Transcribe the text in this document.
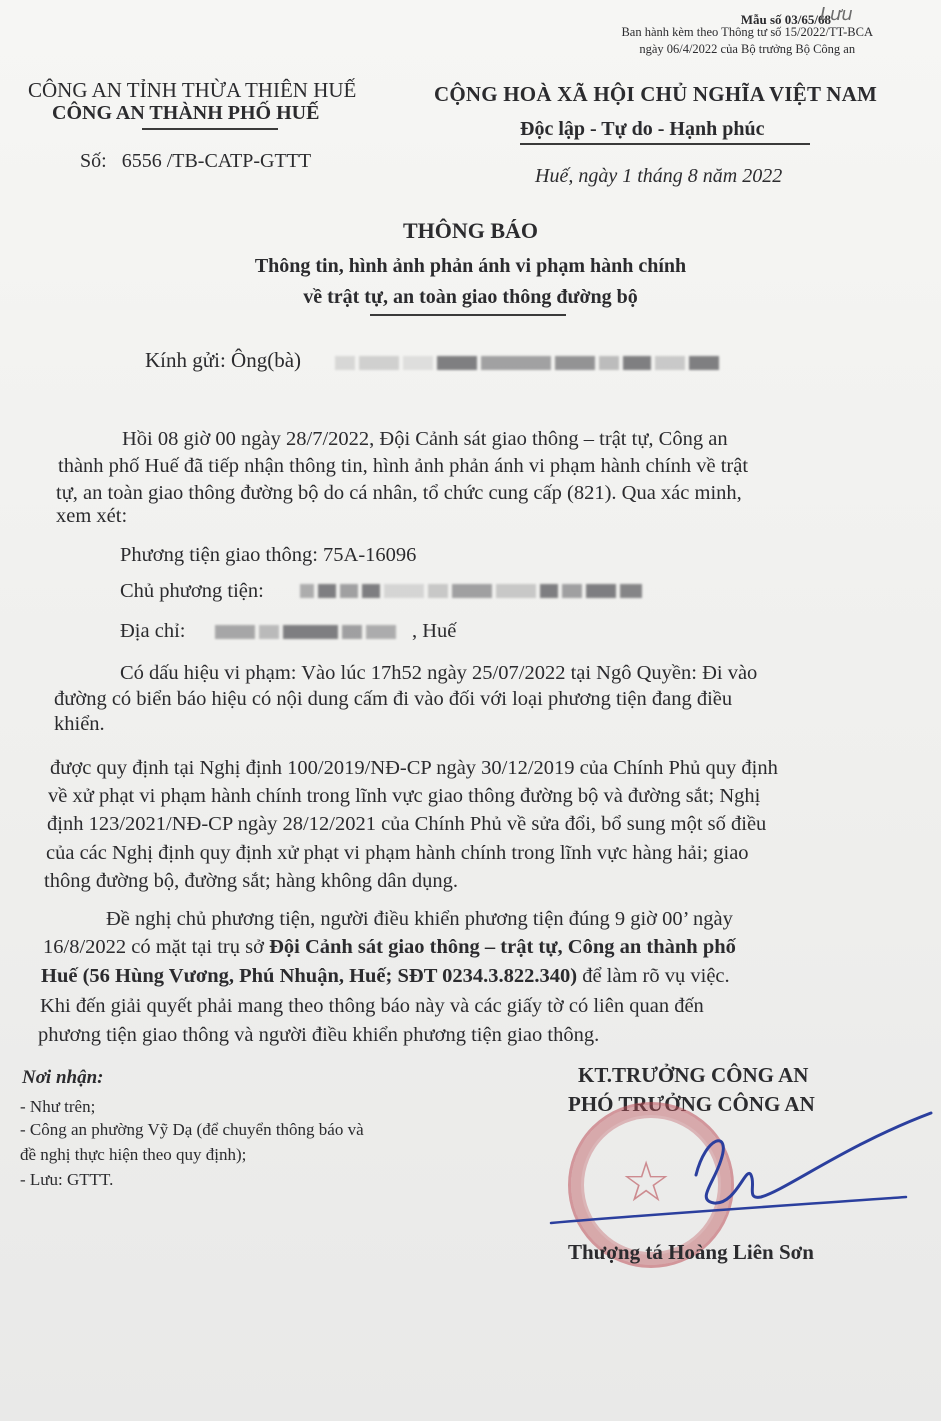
Mẫu số 03/65/68
Ban hành kèm theo Thông tư số 15/2022/TT-BCA
ngày 06/4/2022 của Bộ trưởng Bộ Công an
Lưu
CÔNG AN TỈNH THỪA THIÊN HUẾ
CÔNG AN THÀNH PHỐ HUẾ
CỘNG HOÀ XÃ HỘI CHỦ NGHĨA VIỆT NAM
Độc lập - Tự do - Hạnh phúc
Số: 6556 /TB-CATP-GTTT
Huế, ngày 1 tháng 8 năm 2022
THÔNG BÁO
Thông tin, hình ảnh phản ánh vi phạm hành chính
về trật tự, an toàn giao thông đường bộ
Kính gửi: Ông(bà)
Hồi 08 giờ 00 ngày 28/7/2022, Đội Cảnh sát giao thông – trật tự, Công an
thành phố Huế đã tiếp nhận thông tin, hình ảnh phản ánh vi phạm hành chính về trật
tự, an toàn giao thông đường bộ do cá nhân, tổ chức cung cấp (821). Qua xác minh,
xem xét:
Phương tiện giao thông: 75A-16096
Chủ phương tiện:
Địa chỉ:	, Huế
Có dấu hiệu vi phạm: Vào lúc 17h52 ngày 25/07/2022 tại Ngô Quyền: Đi vào
đường có biển báo hiệu có nội dung cấm đi vào đối với loại phương tiện đang điều
khiển.
được quy định tại Nghị định 100/2019/NĐ-CP ngày 30/12/2019 của Chính Phủ quy định
về xử phạt vi phạm hành chính trong lĩnh vực giao thông đường bộ và đường sắt; Nghị
định 123/2021/NĐ-CP ngày 28/12/2021 của Chính Phủ về sửa đổi, bổ sung một số điều
của các Nghị định quy định xử phạt vi phạm hành chính trong lĩnh vực hàng hải; giao
thông đường bộ, đường sắt; hàng không dân dụng.
Đề nghị chủ phương tiện, người điều khiển phương tiện đúng 9 giờ 00’ ngày
16/8/2022 có mặt tại trụ sở Đội Cảnh sát giao thông – trật tự, Công an thành phố
Huế (56 Hùng Vương, Phú Nhuận, Huế; SĐT 0234.3.822.340) để làm rõ vụ việc.
Khi đến giải quyết phải mang theo thông báo này và các giấy tờ có liên quan đến
phương tiện giao thông và người điều khiển phương tiện giao thông.
Nơi nhận:
- Như trên;
- Công an phường Vỹ Dạ (để chuyển thông báo và
đề nghị thực hiện theo quy định);
- Lưu: GTTT.
KT.TRƯỞNG CÔNG AN
PHÓ TRƯỞNG CÔNG AN
☆
Thượng tá Hoàng Liên Sơn
